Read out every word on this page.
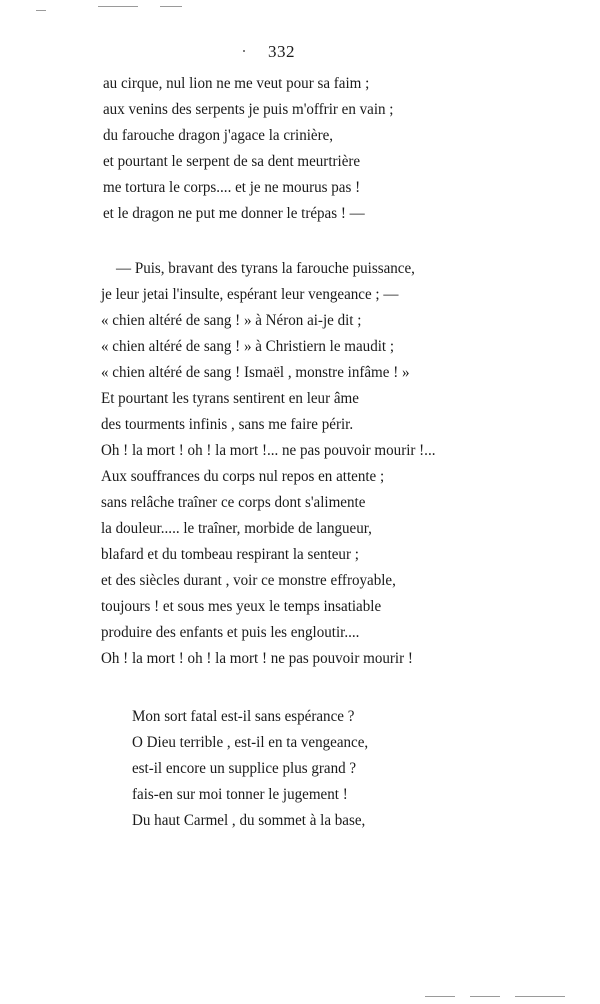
332
au cirque, nul lion ne me veut pour sa faim ;
aux venins des serpents je puis m'offrir en vain ;
du farouche dragon j'agace la crinière,
et pourtant le serpent de sa dent meurtrière
me tortura le corps.... et je ne mourus pas !
et le dragon ne put me donner le trépas ! —
— Puis, bravant des tyrans la farouche puissance,
je leur jetai l'insulte, espérant leur vengeance ; —
« chien altéré de sang ! » à Néron ai-je dit ;
« chien altéré de sang ! » à Christiern le maudit ;
« chien altéré de sang ! Ismaël , monstre infâme ! »
Et pourtant les tyrans sentirent en leur âme
des tourments infinis , sans me faire périr.
Oh ! la mort ! oh ! la mort !... ne pas pouvoir mourir !...
Aux souffrances du corps nul repos en attente ;
sans relâche traîner ce corps dont s'alimente
la douleur..... le traîner, morbide de langueur,
blafard et du tombeau respirant la senteur ;
et des siècles durant , voir ce monstre effroyable,
toujours ! et sous mes yeux le temps insatiable
produire des enfants et puis les engloutir....
Oh ! la mort ! oh ! la mort ! ne pas pouvoir mourir !
Mon sort fatal est-il sans espérance ?
O Dieu terrible , est-il en ta vengeance,
est-il encore un supplice plus grand ?
fais-en sur moi tonner le jugement !
Du haut Carmel , du sommet à la base,
